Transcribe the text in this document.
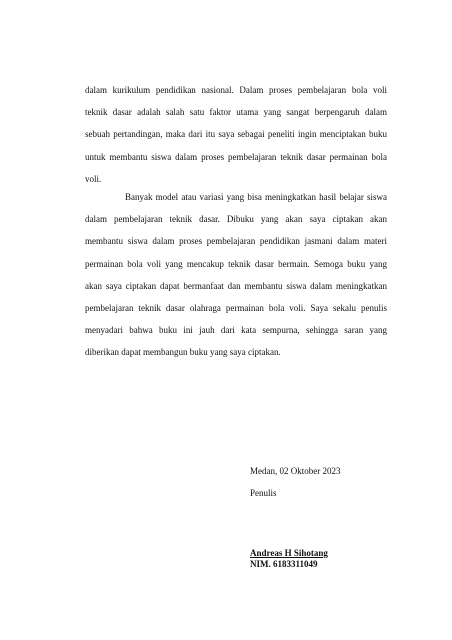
dalam kurikulum pendidikan nasional. Dalam proses pembelajaran bola voli
teknik dasar adalah salah satu faktor utama yang sangat berpengaruh dalam
sebuah pertandingan, maka dari itu saya sebagai peneliti ingin menciptakan buku
untuk membantu siswa dalam proses pembelajaran teknik dasar permainan bola
voli.
Banyak model atau variasi yang bisa meningkatkan hasil belajar siswa
dalam pembelajaran teknik dasar. Dibuku yang akan saya ciptakan akan
membantu siswa dalam proses pembelajaran pendidikan jasmani dalam materi
permainan bola voli yang mencakup teknik dasar bermain. Semoga buku yang
akan saya ciptakan dapat bermanfaat dan membantu siswa dalam meningkatkan
pembelajaran teknik dasar olahraga permainan bola voli. Saya sekalu penulis
menyadari bahwa buku ini jauh dari kata sempurna, sehingga saran yang
diberikan dapat membangun buku yang saya ciptakan.
Medan, 02 Oktober 2023
Penulis
Andreas H Sihotang
NIM. 6183311049
